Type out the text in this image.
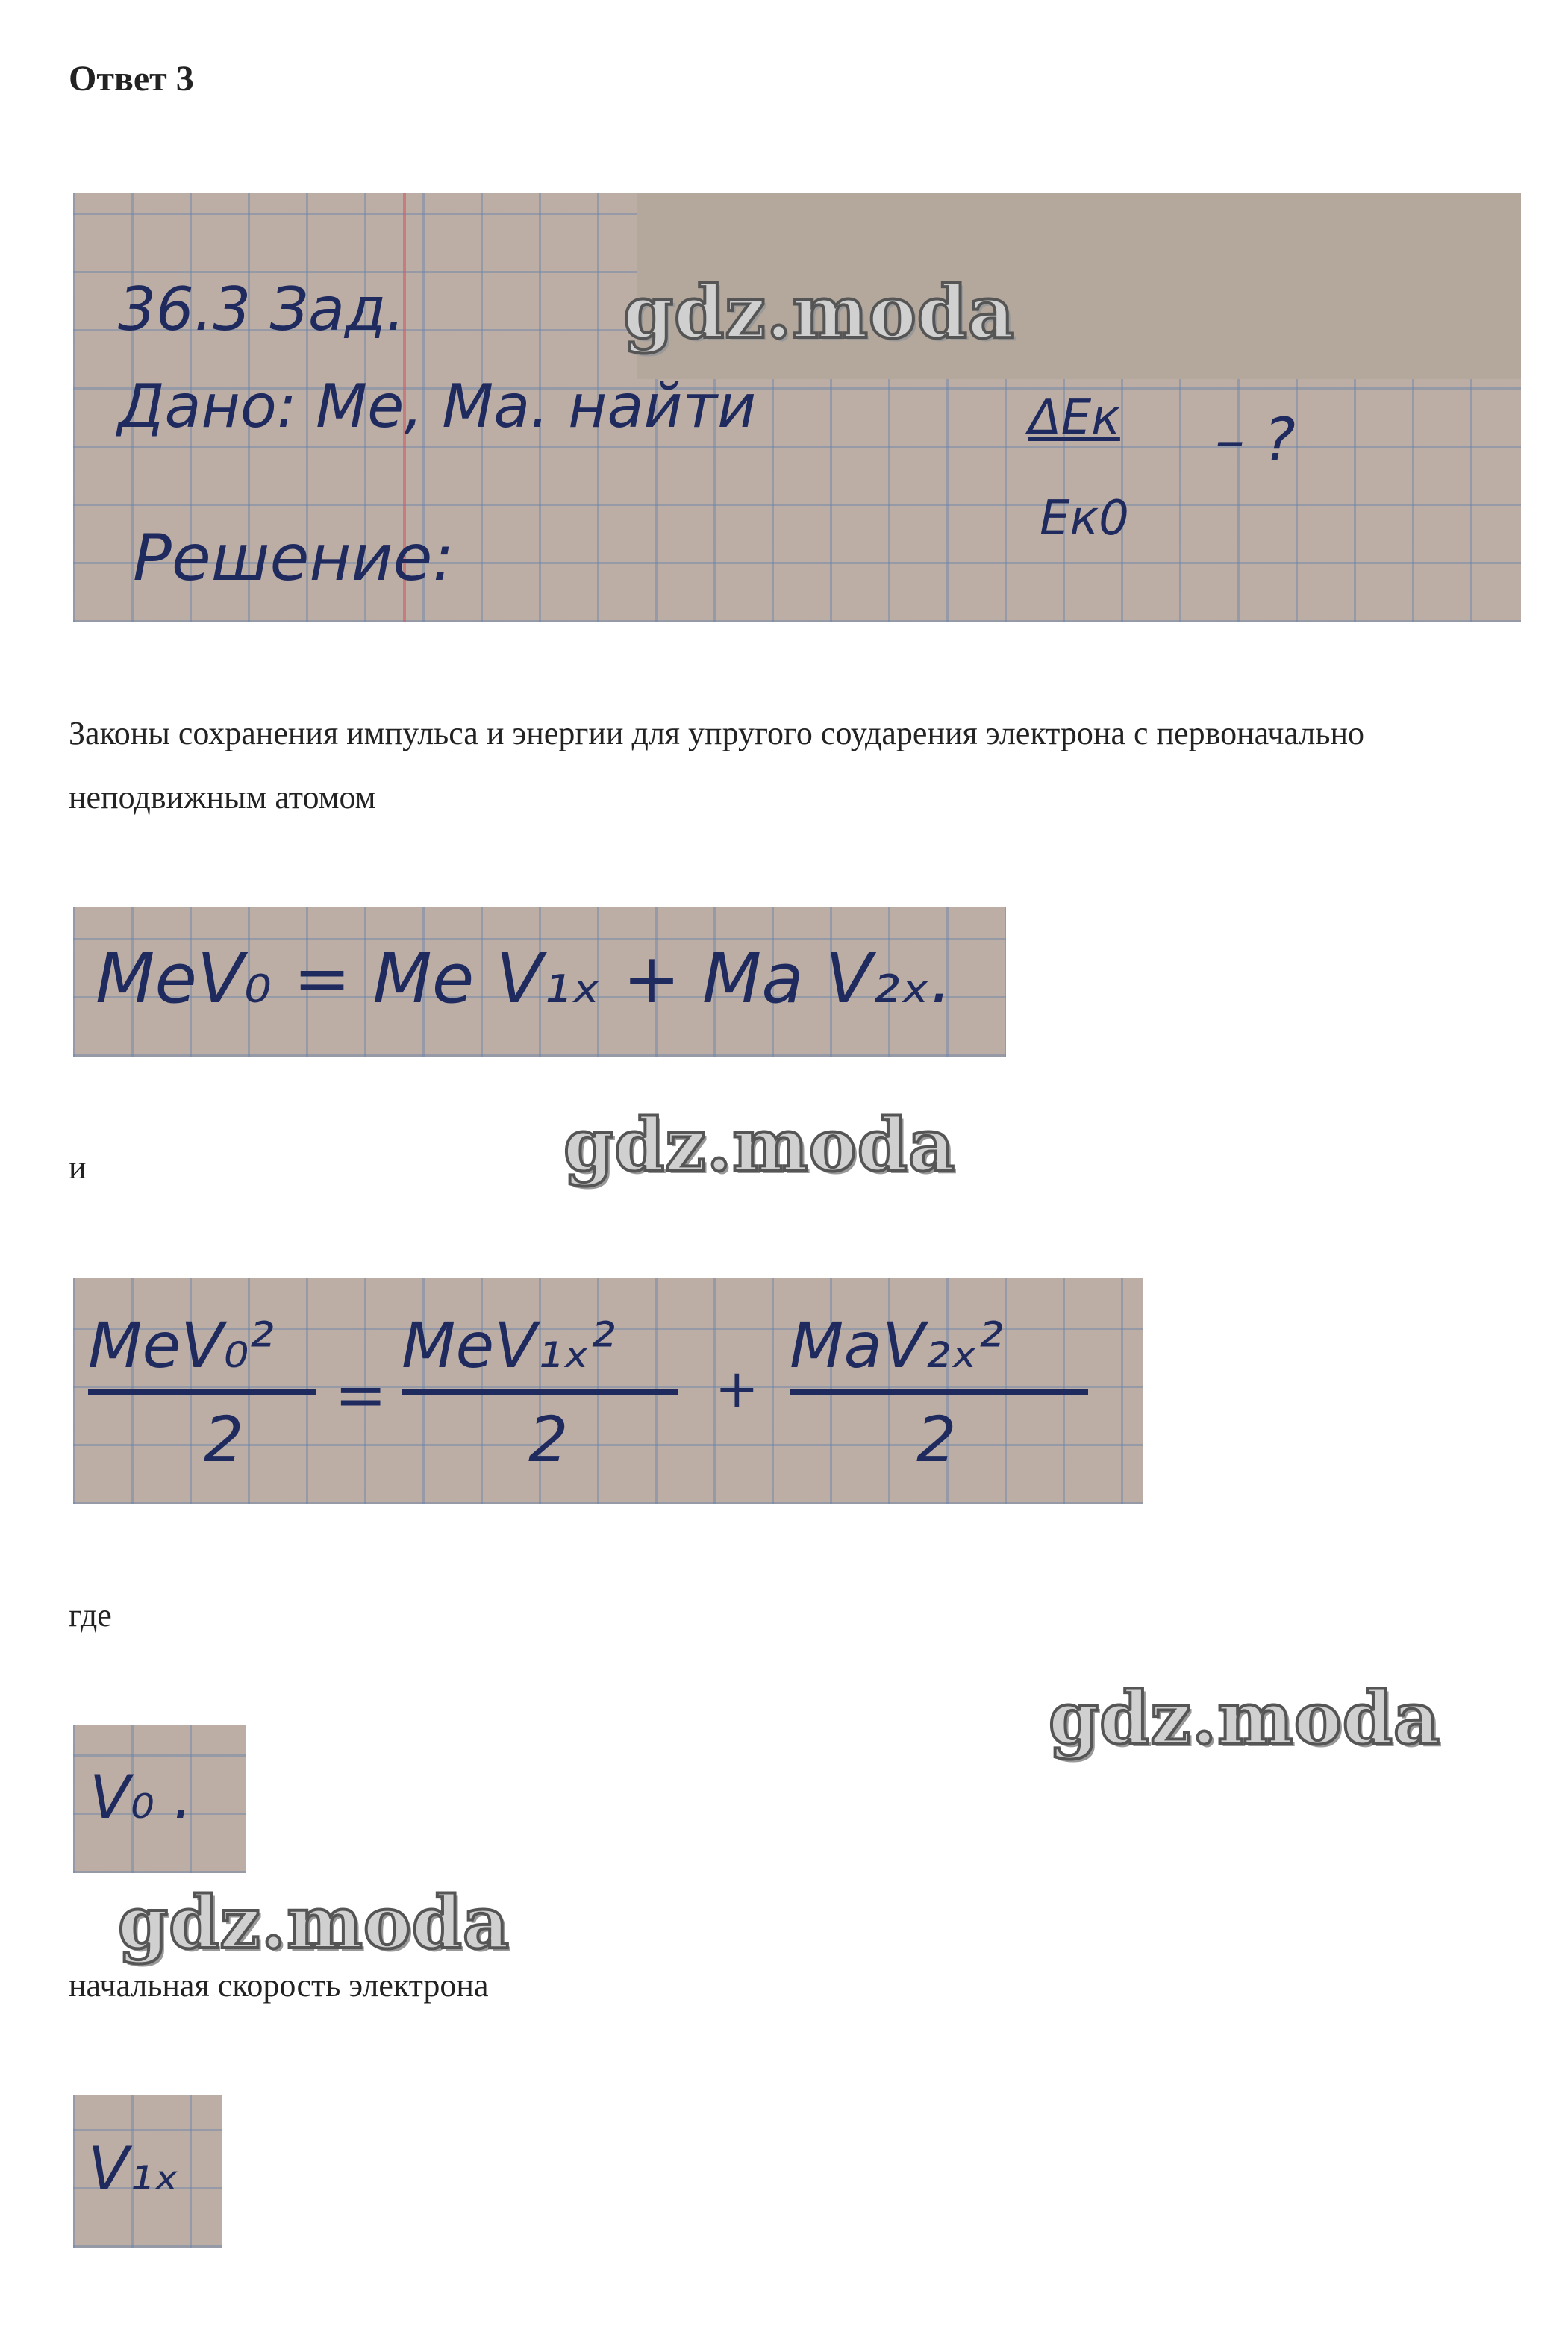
Ответ 3
36.3 Зад.
Дано: Mе, Mа. найти	ΔEк
Eк0
– ?
Решение:
gdz.moda
Законы сохранения импульса и энергии для упругого соударения электрона с первоначально неподвижным атомом
MeV₀ = Me V₁ₓ + Ma V₂ₓ.
и	gdz.moda
MeV₀²
2
=
MeV₁ₓ²
2
+
MaV₂ₓ²
2
где
gdz.moda
V₀ .
gdz.moda
начальная скорость электрона
V₁ₓ
